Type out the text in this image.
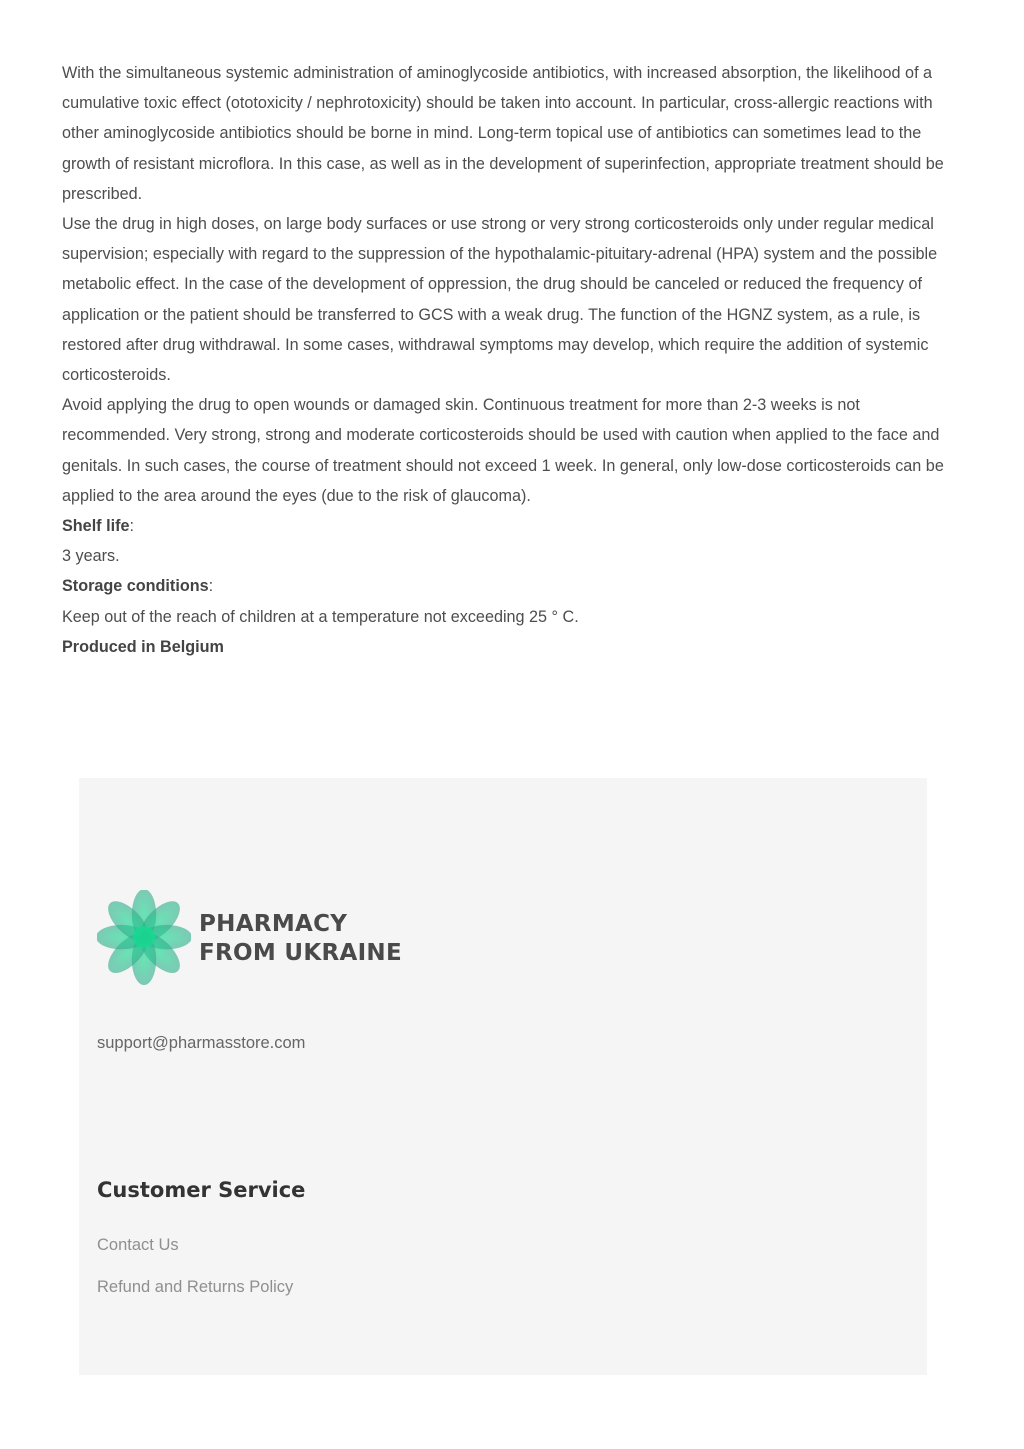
With the simultaneous systemic administration of aminoglycoside antibiotics, with increased absorption, the likelihood of a cumulative toxic effect (ototoxicity / nephrotoxicity) should be taken into account. In particular, cross-allergic reactions with other aminoglycoside antibiotics should be borne in mind. Long-term topical use of antibiotics can sometimes lead to the growth of resistant microflora. In this case, as well as in the development of superinfection, appropriate treatment should be prescribed.

Use the drug in high doses, on large body surfaces or use strong or very strong corticosteroids only under regular medical supervision; especially with regard to the suppression of the hypothalamic-pituitary-adrenal (HPA) system and the possible metabolic effect. In the case of the development of oppression, the drug should be canceled or reduced the frequency of application or the patient should be transferred to GCS with a weak drug. The function of the HGNZ system, as a rule, is restored after drug withdrawal. In some cases, withdrawal symptoms may develop, which require the addition of systemic corticosteroids.

Avoid applying the drug to open wounds or damaged skin. Continuous treatment for more than 2-3 weeks is not recommended. Very strong, strong and moderate corticosteroids should be used with caution when applied to the face and genitals. In such cases, the course of treatment should not exceed 1 week. In general, only low-dose corticosteroids can be applied to the area around the eyes (due to the risk of glaucoma).

Shelf life:

3 years.

Storage conditions:

Keep out of the reach of children at a temperature not exceeding 25 ° C.

Produced in Belgium

PHARMACY
FROM UKRAINE
support@pharmasstore.com
Customer Service
Contact Us
Refund and Returns Policy
